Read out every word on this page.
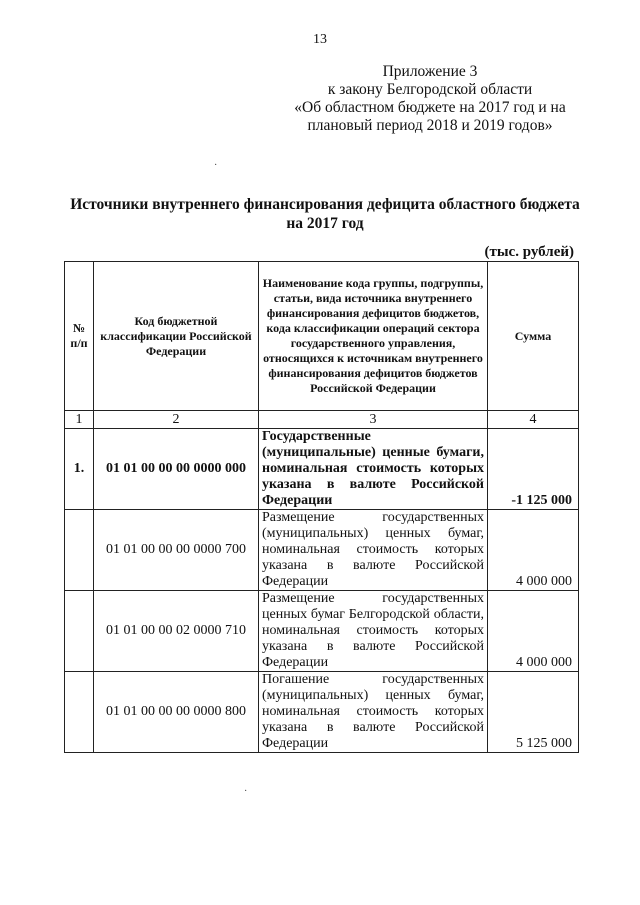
13
Приложение 3
к закону Белгородской области
«Об областном бюджете на 2017 год и на
плановый период 2018 и 2019 годов»
Источники внутреннего финансирования дефицита областного бюджета
на 2017 год
(тыс. рублей)
№ п/п	Код бюджетной классификации Российской Федерации	Наименование кода группы, подгруппы, статьи, вида источника внутреннего финансирования дефицитов бюджетов, кода классификации операций сектора государственного управления, относящихся к источникам внутреннего финансирования дефицитов бюджетов Российской Федерации	Сумма
1	2	3	4
1.	01 01 00 00 00 0000 000	Государственные (муниципальные) ценные бумаги, номинальная стоимость которых указана в валюте Российской Федерации	-1 125 000
	01 01 00 00 00 0000 700	Размещение государственных (муниципальных) ценных бумаг, номинальная стоимость которых указана в валюте Российской Федерации	4 000 000
	01 01 00 00 02 0000 710	Размещение государственных ценных бумаг Белгородской области, номинальная стоимость которых указана в валюте Российской Федерации	4 000 000
	01 01 00 00 00 0000 800	Погашение государственных (муниципальных) ценных бумаг, номинальная стоимость которых указана в валюте Российской Федерации	5 125 000
·
·
